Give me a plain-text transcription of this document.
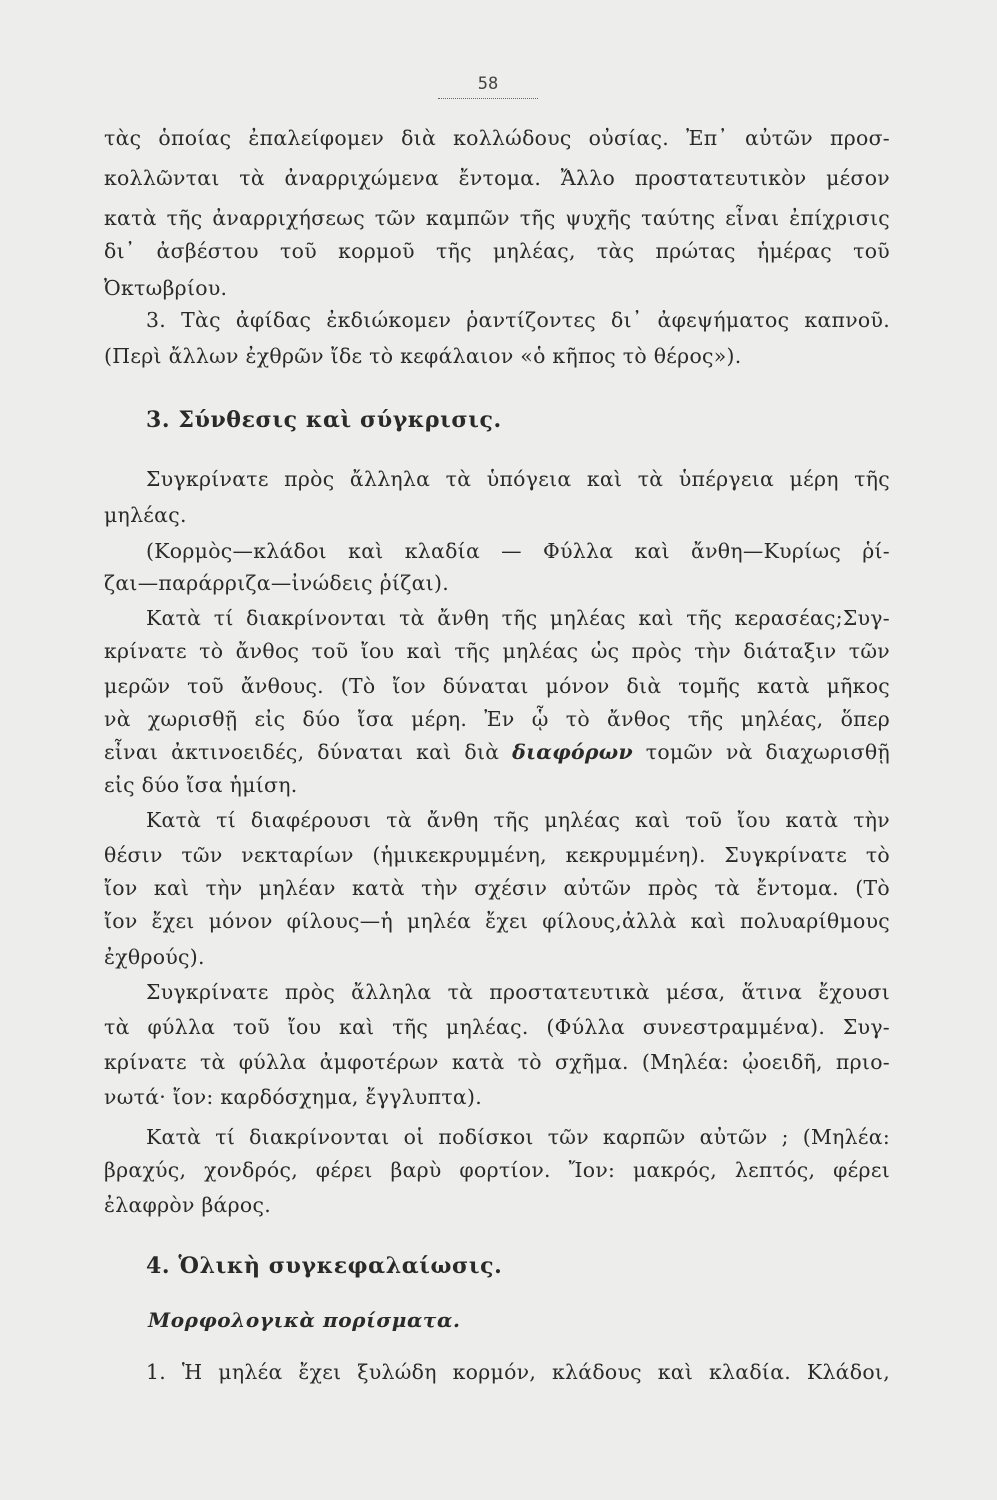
58
τὰς ὁποίας ἐπαλείφομεν διὰ κολλώδους οὐσίας. Ἐπ᾽ αὐτῶν προσ-
κολλῶνται τὰ ἀναρριχώμενα ἔντομα. Ἄλλο προστατευτικὸν μέσον
κατὰ τῆς ἀναρριχήσεως τῶν καμπῶν τῆς ψυχῆς ταύτης εἶναι ἐπίχρισις
δι᾽ ἀσβέστου τοῦ κορμοῦ τῆς μηλέας, τὰς πρώτας ἡμέρας τοῦ
Ὀκτωβρίου.
3. Τὰς ἀφίδας ἐκδιώκομεν ῥαντίζοντες δι᾽ ἀφεψήματος καπνοῦ.
(Περὶ ἄλλων ἐχθρῶν ἴδε τὸ κεφάλαιον «ὁ κῆπος τὸ θέρος»).
3. Σύνθεσις καὶ σύγκρισις.
Συγκρίνατε πρὸς ἄλληλα τὰ ὑπόγεια καὶ τὰ ὑπέργεια μέρη τῆς
μηλέας.
(Κορμὸς—κλάδοι καὶ κλαδία — Φύλλα καὶ ἄνθη—Κυρίως ῥί-
ζαι—παράρριζα—ἰνώδεις ῥίζαι).
Κατὰ τί διακρίνονται τὰ ἄνθη τῆς μηλέας καὶ τῆς κερασέας;Συγ-
κρίνατε τὸ ἄνθος τοῦ ἴου καὶ τῆς μηλέας ὡς πρὸς τὴν διάταξιν τῶν
μερῶν τοῦ ἄνθους. (Τὸ ἴον δύναται μόνον διὰ τομῆς κατὰ μῆκος
νὰ χωρισθῇ εἰς δύο ἴσα μέρη. Ἐν ᾧ τὸ ἄνθος τῆς μηλέας, ὅπερ
εἶναι ἀκτινοειδές, δύναται καὶ διὰ διαφόρων τομῶν νὰ διαχωρισθῇ
εἰς δύο ἴσα ἡμίση.
Κατὰ τί διαφέρουσι τὰ ἄνθη τῆς μηλέας καὶ τοῦ ἴου κατὰ τὴν
θέσιν τῶν νεκταρίων (ἡμικεκρυμμένη, κεκρυμμένη). Συγκρίνατε τὸ
ἴον καὶ τὴν μηλέαν κατὰ τὴν σχέσιν αὐτῶν πρὸς τὰ ἔντομα. (Τὸ
ἴον ἔχει μόνον φίλους—ἡ μηλέα ἔχει φίλους,ἀλλὰ καὶ πολυαρίθμους
ἐχθρούς).
Συγκρίνατε πρὸς ἄλληλα τὰ προστατευτικὰ μέσα, ἅτινα ἔχουσι
τὰ φύλλα τοῦ ἴου καὶ τῆς μηλέας. (Φύλλα συνεστραμμένα). Συγ-
κρίνατε τὰ φύλλα ἀμφοτέρων κατὰ τὸ σχῆμα. (Μηλέα: ᾠοειδῆ, πριο-
νωτά· ἴον: καρδόσχημα, ἔγγλυπτα).
Κατὰ τί διακρίνονται οἱ ποδίσκοι τῶν καρπῶν αὐτῶν ; (Μηλέα:
βραχύς, χονδρός, φέρει βαρὺ φορτίον. Ἴον: μακρός, λεπτός, φέρει
ἐλαφρὸν βάρος.
4. Ὁλικὴ συγκεφαλαίωσις.
Μορφολογικὰ πορίσματα.
1. Ἡ μηλέα ἔχει ξυλώδη κορμόν, κλάδους καὶ κλαδία. Κλάδοι,
